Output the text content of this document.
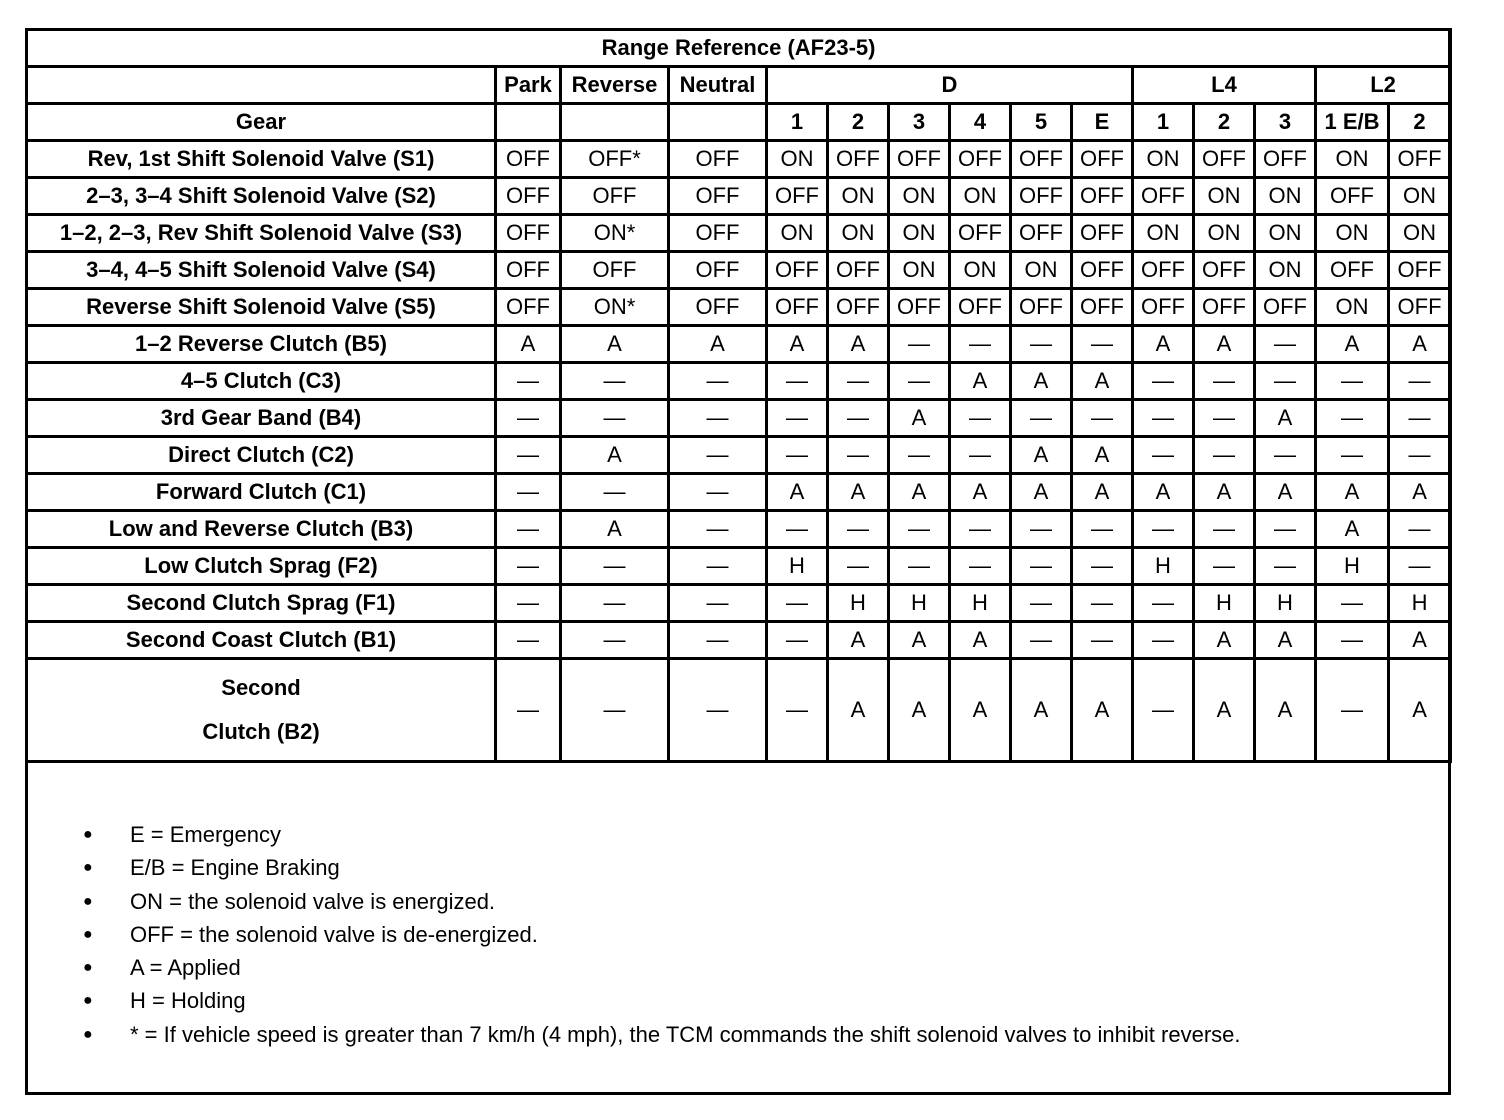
Range Reference (AF23-5)														
	Park	Reverse	Neutral	D						L4			L2	
Gear				1	2	3	4	5	E	1	2	3	1 E/B	2
Rev, 1st Shift Solenoid Valve (S1)	OFF	OFF*	OFF	ON	OFF	OFF	OFF	OFF	OFF	ON	OFF	OFF	ON	OFF
2–3, 3–4 Shift Solenoid Valve (S2)	OFF	OFF	OFF	OFF	ON	ON	ON	OFF	OFF	OFF	ON	ON	OFF	ON
1–2, 2–3, Rev Shift Solenoid Valve (S3)	OFF	ON*	OFF	ON	ON	ON	OFF	OFF	OFF	ON	ON	ON	ON	ON
3–4, 4–5 Shift Solenoid Valve (S4)	OFF	OFF	OFF	OFF	OFF	ON	ON	ON	OFF	OFF	OFF	ON	OFF	OFF
Reverse Shift Solenoid Valve (S5)	OFF	ON*	OFF	OFF	OFF	OFF	OFF	OFF	OFF	OFF	OFF	OFF	ON	OFF
1–2 Reverse Clutch (B5)	A	A	A	A	A	—	—	—	—	A	A	—	A	A
4–5 Clutch (C3)	—	—	—	—	—	—	A	A	A	—	—	—	—	—
3rd Gear Band (B4)	—	—	—	—	—	A	—	—	—	—	—	A	—	—
Direct Clutch (C2)	—	A	—	—	—	—	—	A	A	—	—	—	—	—
Forward Clutch (C1)	—	—	—	A	A	A	A	A	A	A	A	A	A	A
Low and Reverse Clutch (B3)	—	A	—	—	—	—	—	—	—	—	—	—	A	—
Low Clutch Sprag (F2)	—	—	—	H	—	—	—	—	—	H	—	—	H	—
Second Clutch Sprag (F1)	—	—	—	—	H	H	H	—	—	—	H	H	—	H
Second Coast Clutch (B1)	—	—	—	—	A	A	A	—	—	—	A	A	—	A

Second
Clutch (B2)	—	—	—	—	A	A	A	A	A	—	A	A	—	A
● E = Emergency
● E/B = Engine Braking
● ON = the solenoid valve is energized.
● OFF = the solenoid valve is de-energized.
● A = Applied
● H = Holding
● * = If vehicle speed is greater than 7 km/h (4 mph), the TCM commands the shift solenoid valves to inhibit reverse.
